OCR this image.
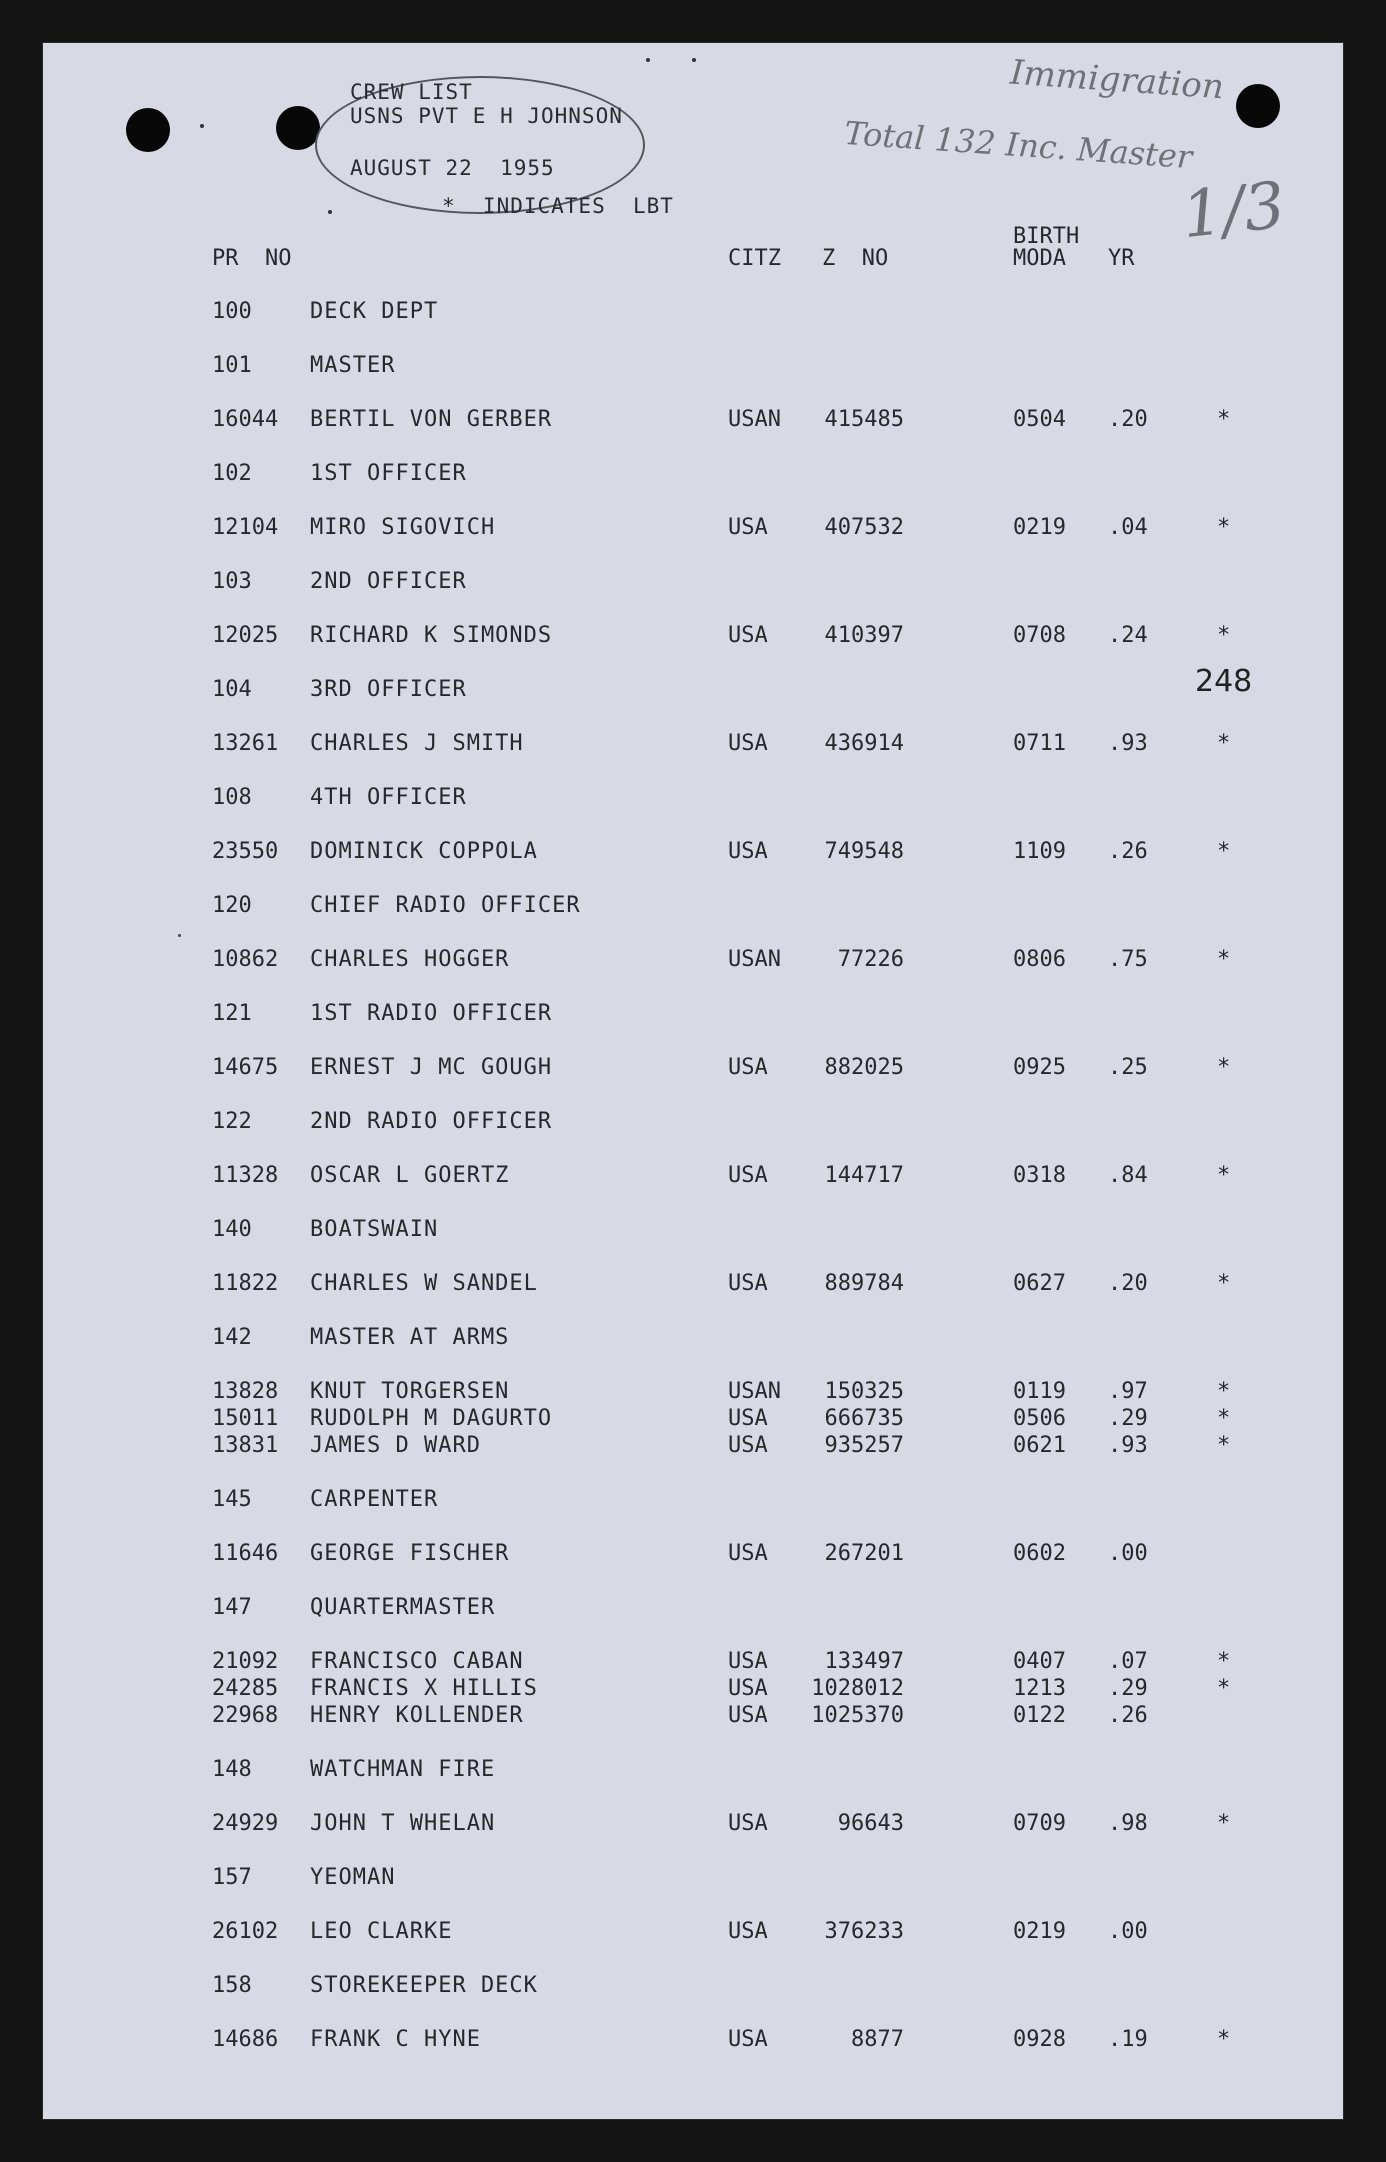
CREW LIST
USNS PVT E H JOHNSON
AUGUST 22  1955
*  INDICATES  LBT
Immigration
Total 132 Inc. Master
1/3
PR  NO	CITZ Z  NO
BIRTH
MODA YR
248
100	DECK DEPT
101	MASTER
16044 BERTIL VON GERBER	USAN 415485	0504 .20	*
102	1ST OFFICER
12104 MIRO SIGOVICH	USA	407532	0219 .04	*
103	2ND OFFICER
12025 RICHARD K SIMONDS	USA	410397	0708 .24	*
104	3RD OFFICER
13261 CHARLES J SMITH	USA	436914	0711 .93	*
108	4TH OFFICER
23550 DOMINICK COPPOLA	USA	749548	1109 .26	*
120	CHIEF RADIO OFFICER
10862 CHARLES HOGGER	USAN	77226	0806 .75	*
121	1ST RADIO OFFICER
14675 ERNEST J MC GOUGH	USA	882025	0925 .25	*
122	2ND RADIO OFFICER
11328 OSCAR L GOERTZ	USA	144717	0318 .84	*
140	BOATSWAIN
11822 CHARLES W SANDEL	USA	889784	0627 .20	*
142	MASTER AT ARMS
13828 KNUT TORGERSEN	USAN 150325	0119 .97	*
15011 RUDOLPH M DAGURTO	USA	666735	0506 .29	*
13831 JAMES D WARD	USA	935257	0621 .93	*
145	CARPENTER
11646 GEORGE FISCHER	USA	267201	0602 .00
147	QUARTERMASTER
21092 FRANCISCO CABAN	USA	133497	0407 .07	*
24285 FRANCIS X HILLIS	USA 1028012	1213 .29	*
22968 HENRY KOLLENDER	USA 1025370	0122 .26
148	WATCHMAN FIRE
24929 JOHN T WHELAN	USA	96643	0709 .98	*
157	YEOMAN
26102 LEO CLARKE	USA	376233	0219 .00
158	STOREKEEPER DECK
14686 FRANK C HYNE	USA	8877	0928 .19	*
